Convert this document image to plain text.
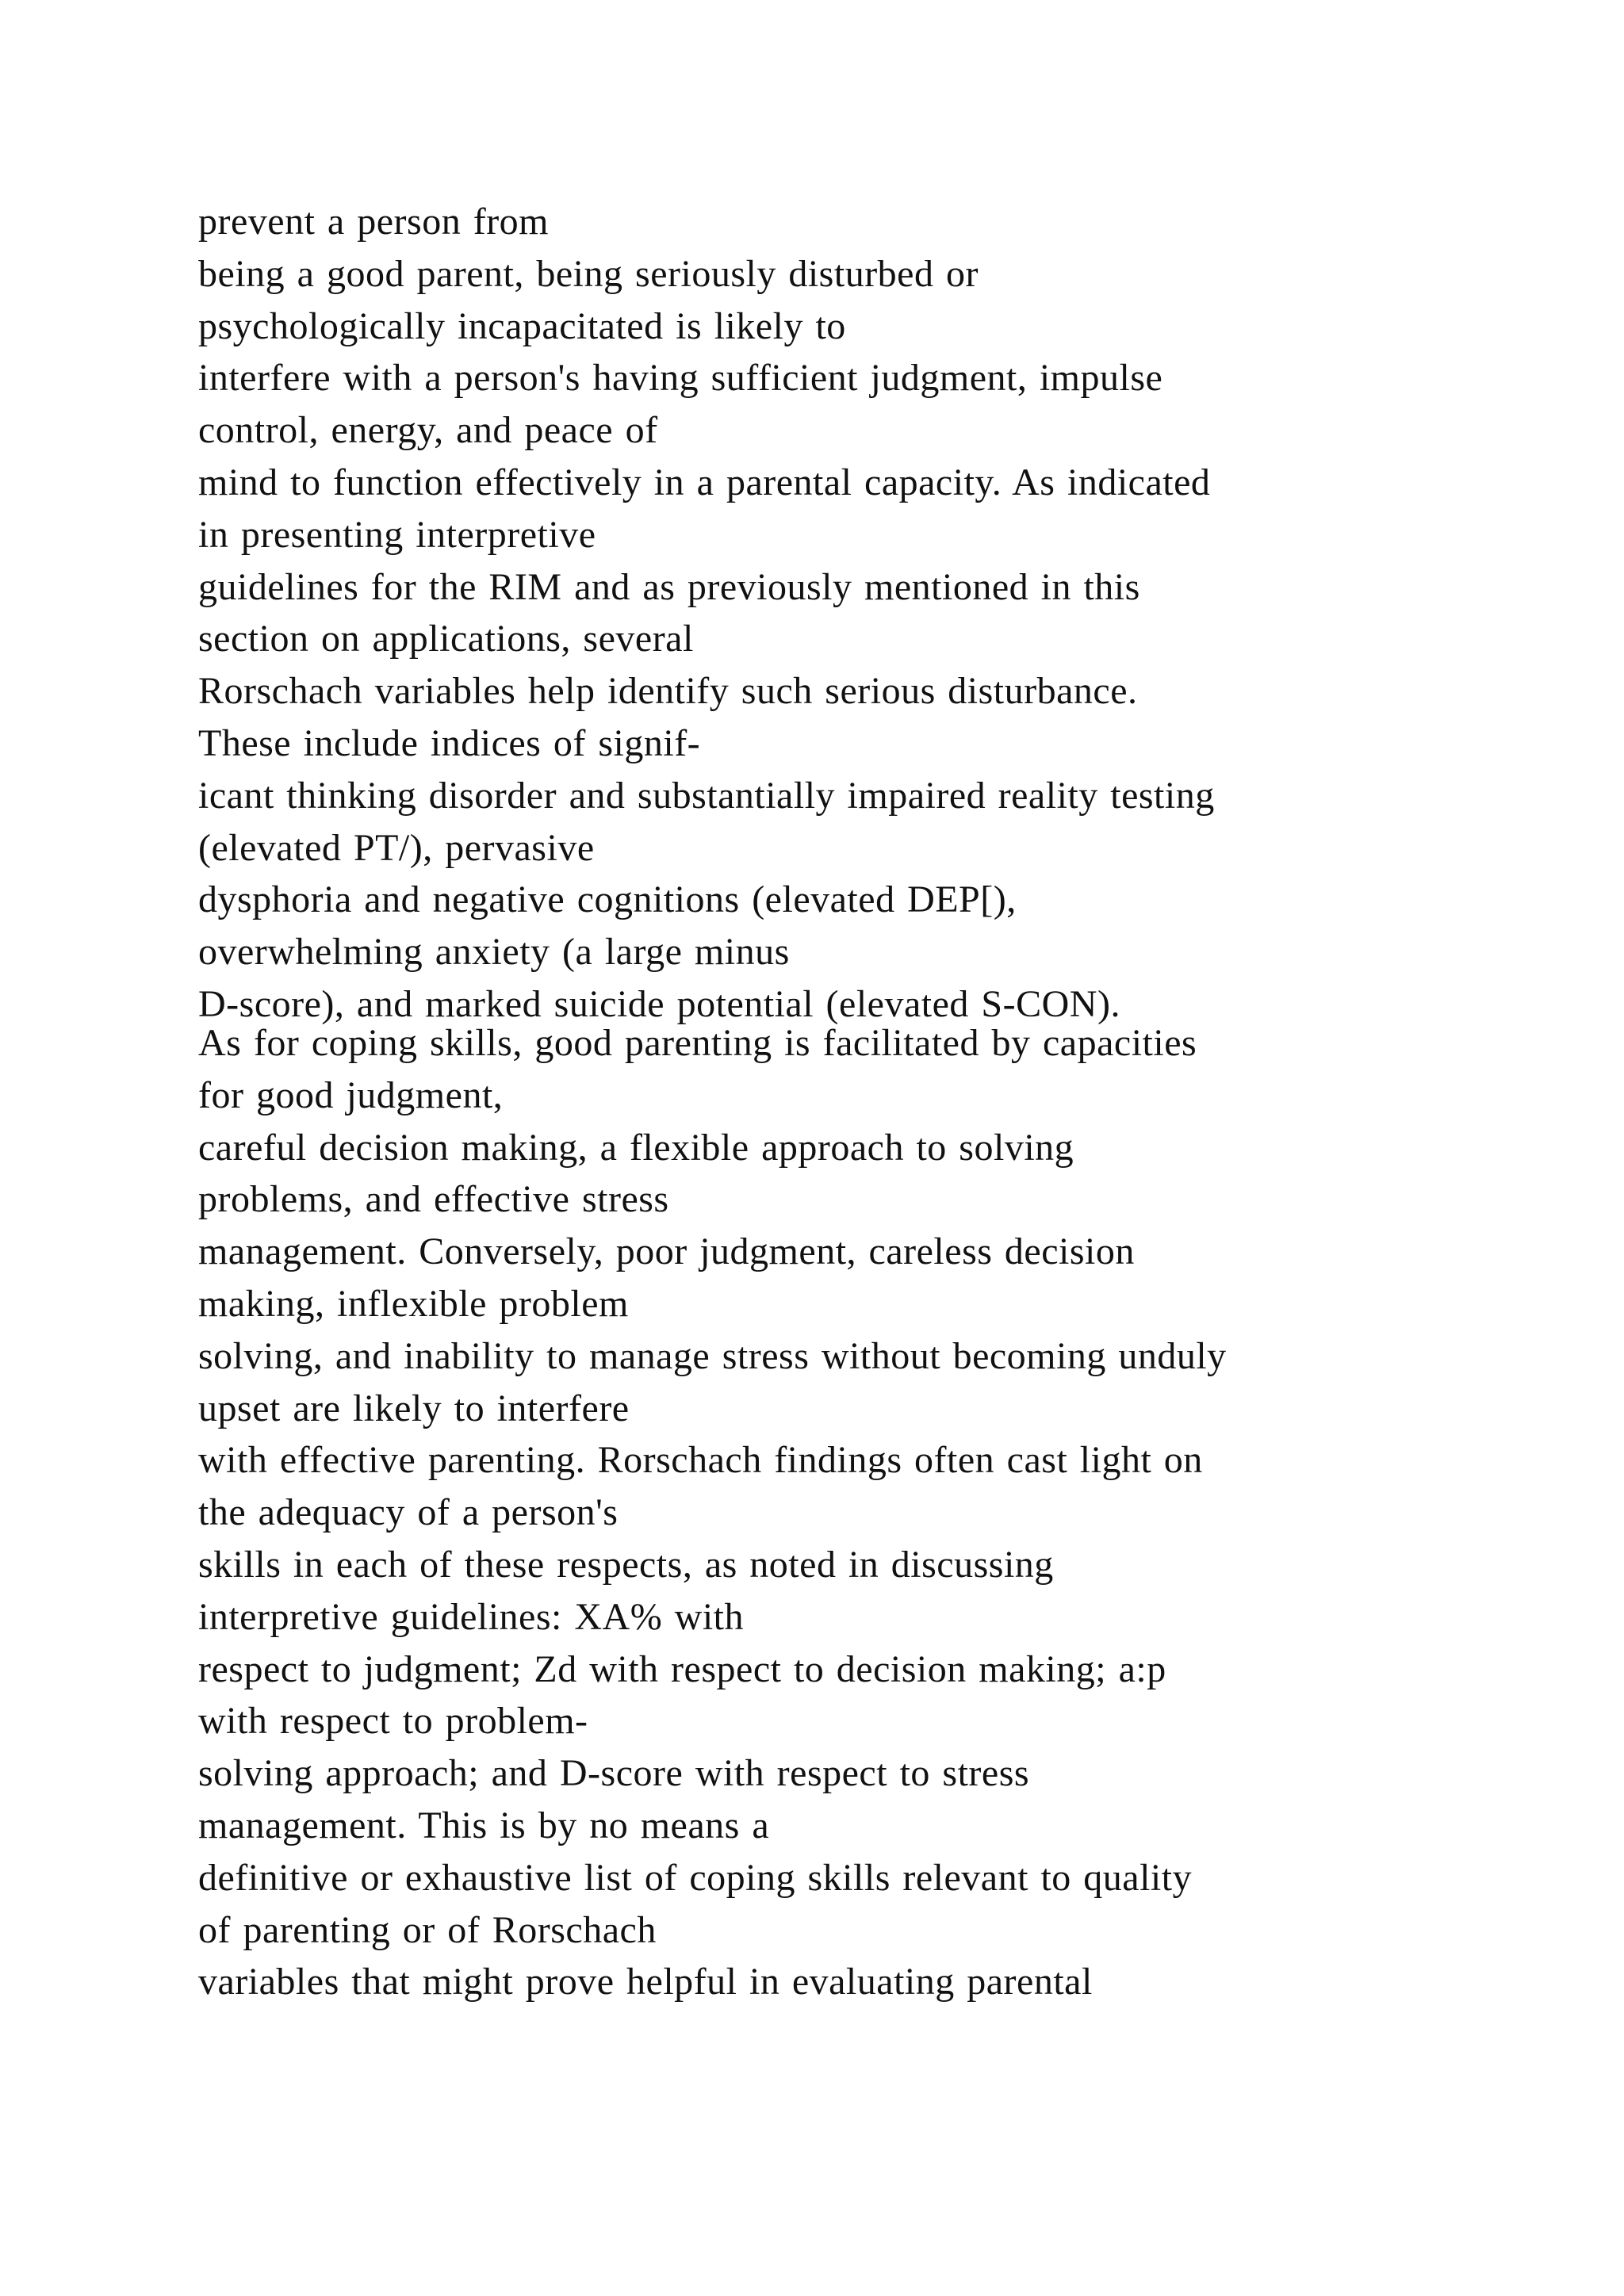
prevent a person from
being a good parent, being seriously disturbed or
psychologically incapacitated is likely to
interfere with a person's having sufficient judgment, impulse
control, energy, and peace of
mind to function effectively in a parental capacity. As indicated
in presenting interpretive
guidelines for the RIM and as previously mentioned in this
section on applications, several
Rorschach variables help identify such serious disturbance.
These include indices of signif-
icant thinking disorder and substantially impaired reality testing
(elevated PT/), pervasive
dysphoria and negative cognitions (elevated DEP[),
overwhelming anxiety (a large minus
D-score), and marked suicide potential (elevated S-CON).
As for coping skills, good parenting is facilitated by capacities
for good judgment,
careful decision making, a flexible approach to solving
problems, and effective stress
management. Conversely, poor judgment, careless decision
making, inflexible problem
solving, and inability to manage stress without becoming unduly
upset are likely to interfere
with effective parenting. Rorschach findings often cast light on
the adequacy of a person's
skills in each of these respects, as noted in discussing
interpretive guidelines: XA% with
respect to judgment; Zd with respect to decision making; a:p
with respect to problem-
solving approach; and D-score with respect to stress
management. This is by no means a
definitive or exhaustive list of coping skills relevant to quality
of parenting or of Rorschach
variables that might prove helpful in evaluating parental
